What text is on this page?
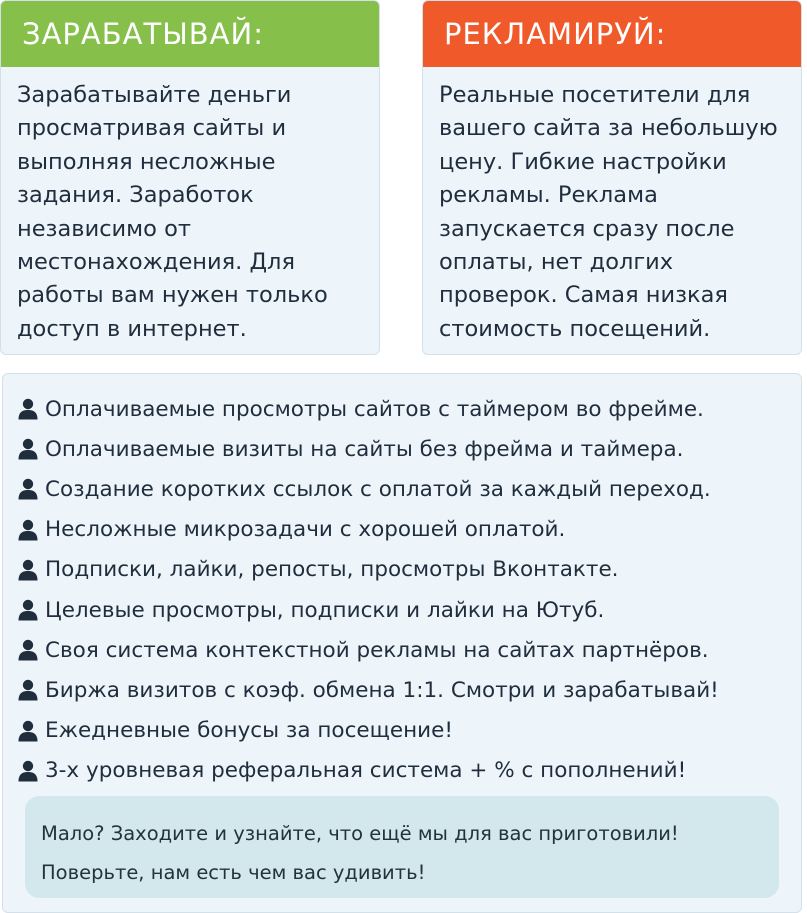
ЗАРАБАТЫВАЙ:
Зарабатывайте деньги
просматривая сайты и
выполняя несложные
задания. Заработок
независимо от
местонахождения. Для
работы вам нужен только
доступ в интернет.
РЕКЛАМИРУЙ:
Реальные посетители для
вашего сайта за небольшую
цену. Гибкие настройки
рекламы. Реклама
запускается сразу после
оплаты, нет долгих
проверок. Самая низкая
стоимость посещений.
Оплачиваемые просмотры сайтов с таймером во фрейме.
Оплачиваемые визиты на сайты без фрейма и таймера.
Создание коротких ссылок с оплатой за каждый переход.
Несложные микрозадачи с хорошей оплатой.
Подписки, лайки, репосты, просмотры Вконтакте.
Целевые просмотры, подписки и лайки на Ютуб.
Своя система контекстной рекламы на сайтах партнёров.
Биржа визитов с коэф. обмена 1:1. Смотри и зарабатывай!
Ежедневные бонусы за посещение!
3-х уровневая реферальная система + % с пополнений!
Мало? Заходите и узнайте, что ещё мы для вас приготовили!
Поверьте, нам есть чем вас удивить!
